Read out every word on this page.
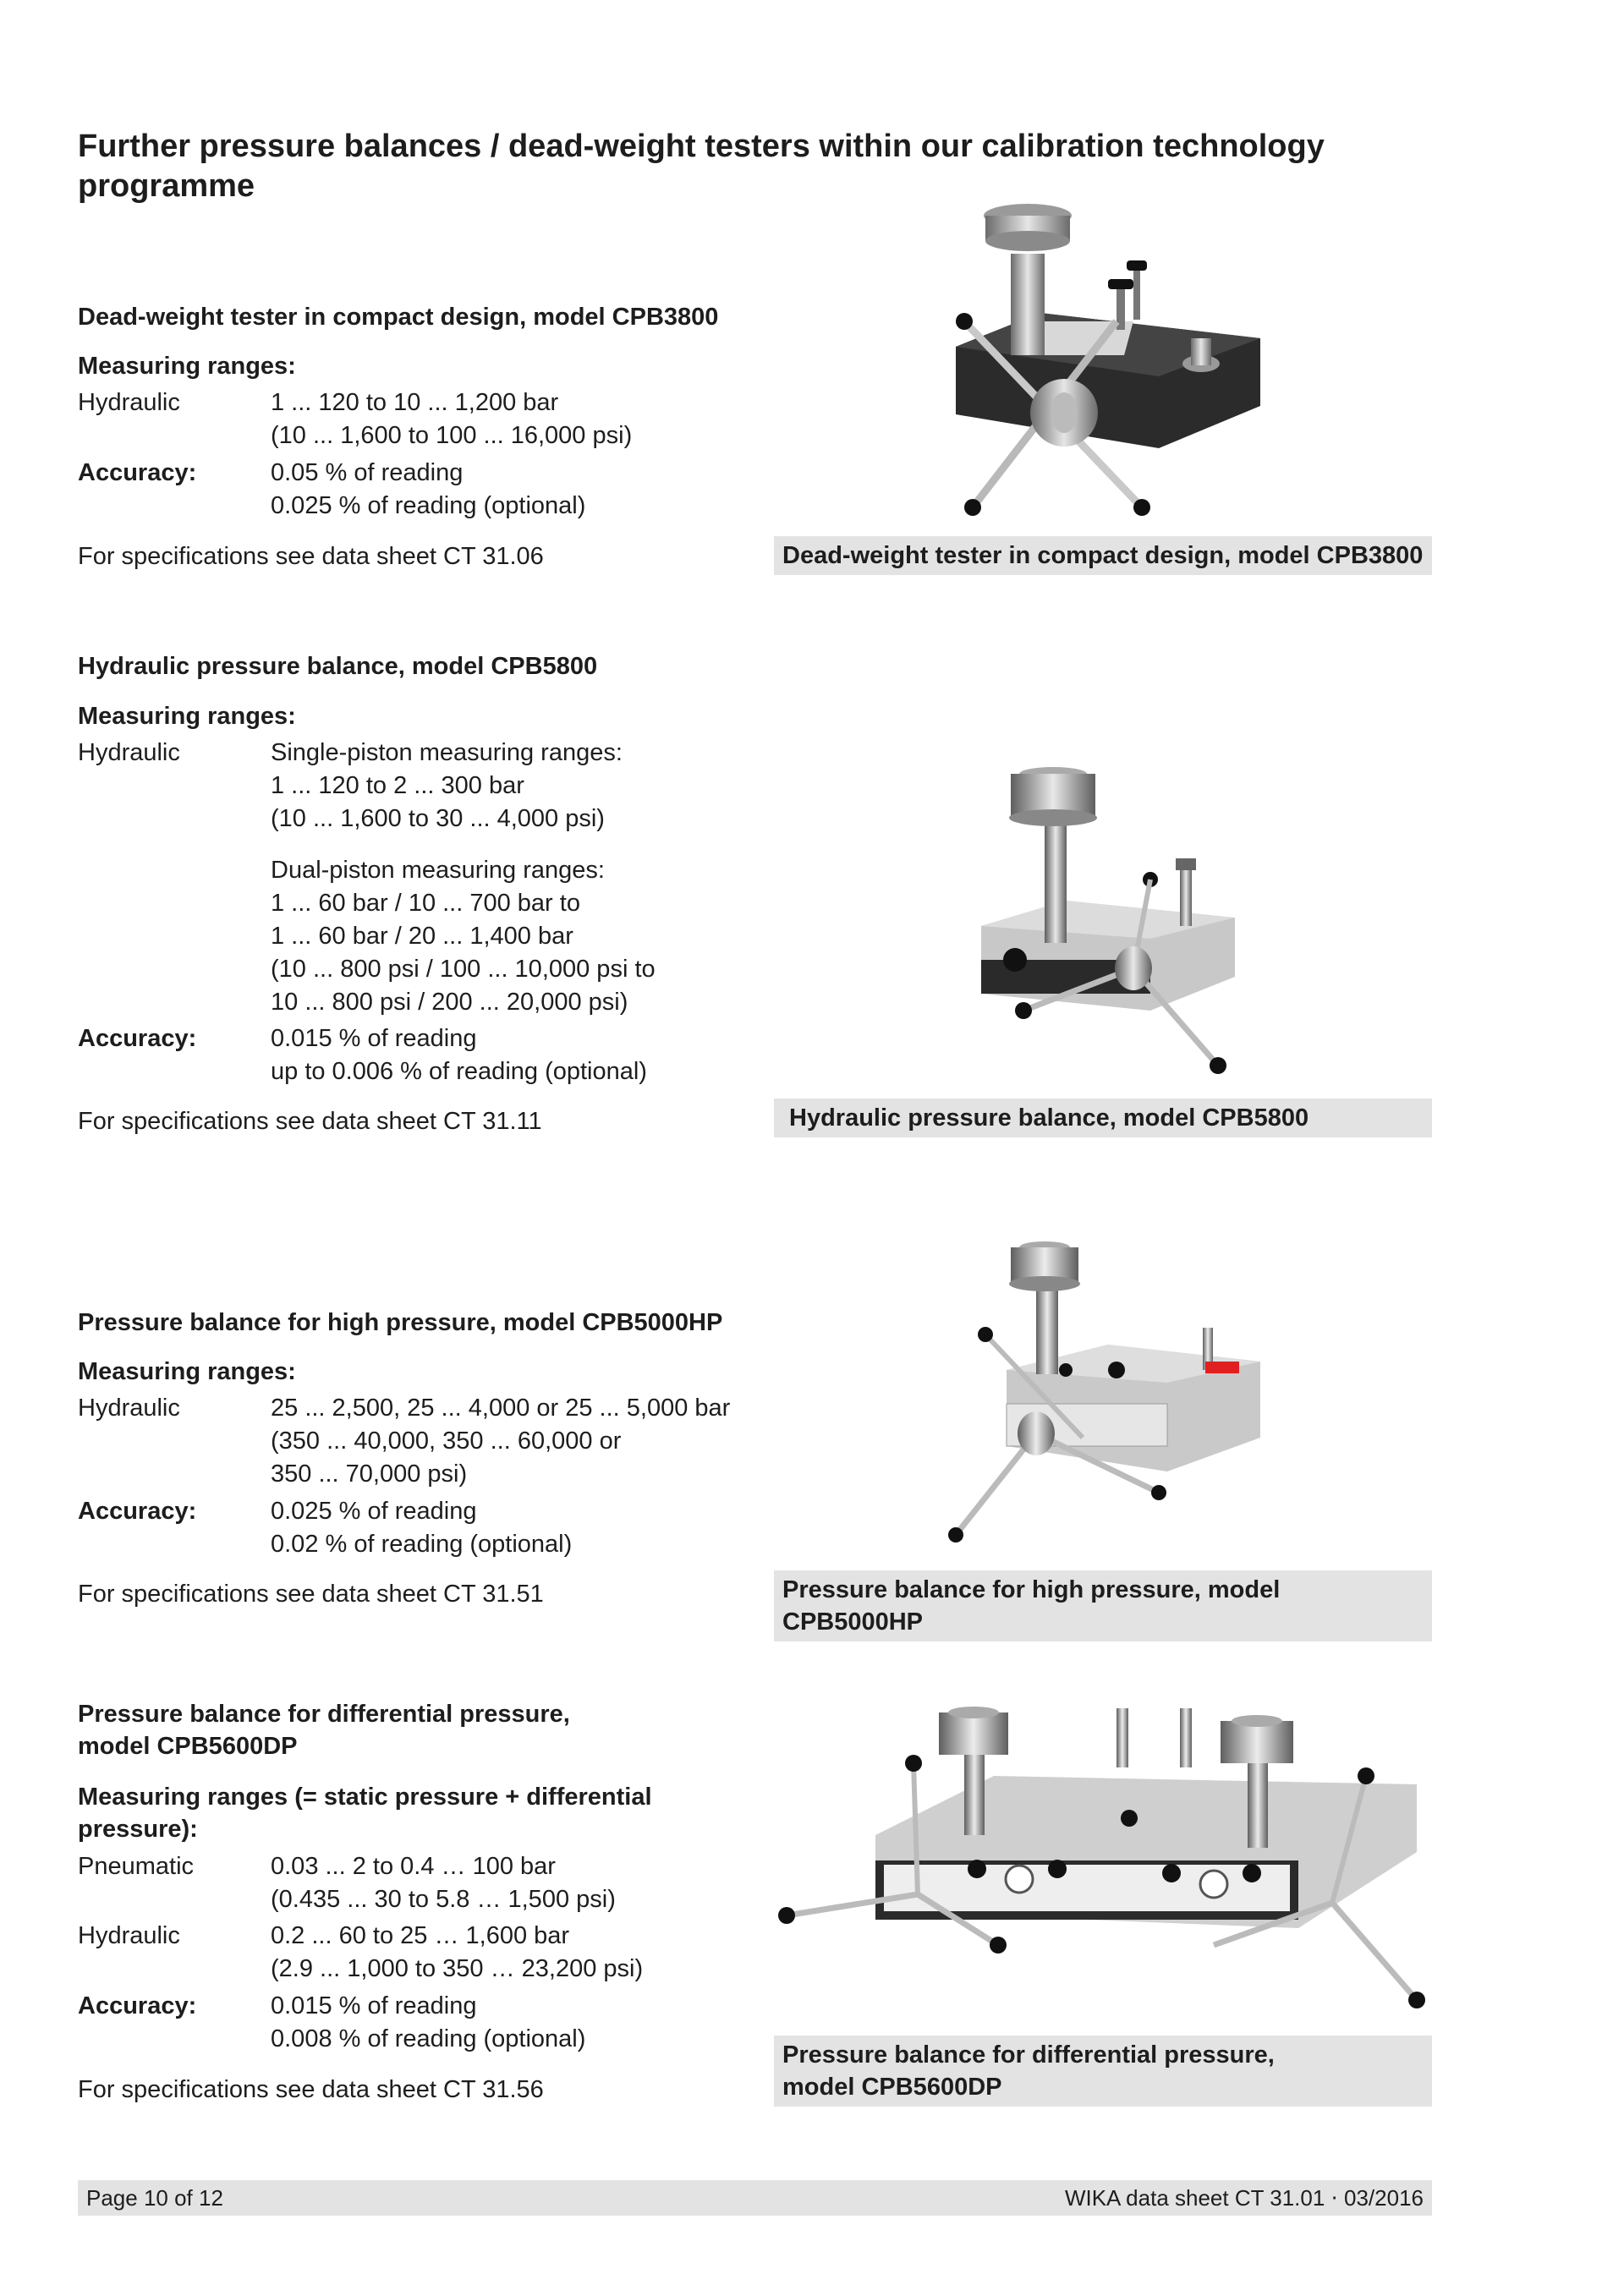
Further pressure balances / dead-weight testers within our calibration technology programme
Dead-weight tester in compact design, model CPB3800
Measuring ranges:
Hydraulic	1 ... 120 to 10 ... 1,200 bar
(10 ... 1,600 to 100 ... 16,000 psi)
Accuracy:	0.05 % of reading
0.025 % of reading (optional)
For specifications see data sheet CT 31.06	Dead-weight tester in compact design, model CPB3800
Hydraulic pressure balance, model CPB5800
Measuring ranges:
Hydraulic	Single-piston measuring ranges:
1 ... 120 to 2 ... 300 bar
(10 ... 1,600 to 30 ... 4,000 psi)
Dual-piston measuring ranges:
1 ... 60 bar / 10 ... 700 bar to
1 ... 60 bar / 20 ... 1,400 bar
(10 ... 800 psi / 100 ... 10,000 psi to
10 ... 800 psi / 200 ... 20,000 psi)
Accuracy:	0.015 % of reading
up to 0.006 % of reading (optional)
For specifications see data sheet CT 31.11	Hydraulic pressure balance, model CPB5800
Pressure balance for high pressure, model CPB5000HP
Measuring ranges:
Hydraulic	25 ... 2,500, 25 ... 4,000 or 25 ... 5,000 bar
(350 ... 40,000, 350 ... 60,000 or
350 ... 70,000 psi)
Accuracy:	0.025 % of reading
0.02 % of reading (optional)
For specifications see data sheet CT 31.51	Pressure balance for high pressure, model CPB5000HP
Pressure balance for differential pressure,
model CPB5600DP
Measuring ranges (= static pressure + differential
pressure):
Pneumatic	0.03 ... 2 to 0.4 … 100 bar
(0.435 ... 30 to 5.8 … 1,500 psi)
Hydraulic	0.2 ... 60 to 25 … 1,600 bar
(2.9 ... 1,000 to 350 … 23,200 psi)
Accuracy:	0.015 % of reading
0.008 % of reading (optional)
For specifications see data sheet CT 31.56
Pressure balance for differential pressure,
model CPB5600DP
Page 10 of 12	WIKA data sheet CT 31.01 ⋅ 03/2016
